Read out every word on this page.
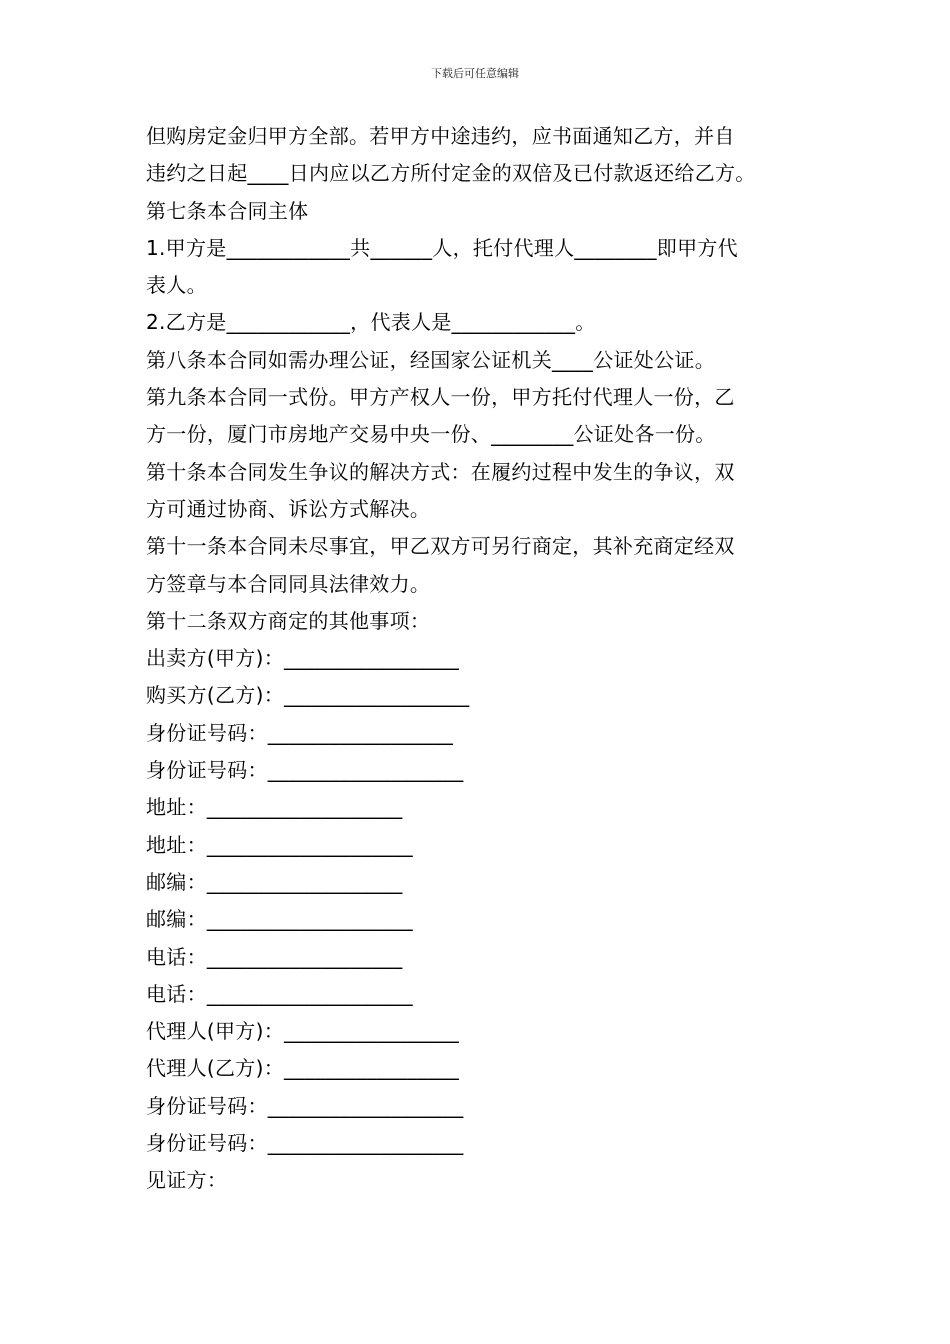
下载后可任意编辑

但购房定金归甲方全部。若甲方中途违约，应书面通知乙方，并自

违约之日起____日内应以乙方所付定金的双倍及已付款返还给乙方。

第七条本合同主体

1.甲方是____________共______人，托付代理人________即甲方代

表人。

2.乙方是____________，代表人是____________。

第八条本合同如需办理公证，经国家公证机关____公证处公证。

第九条本合同一式份。甲方产权人一份，甲方托付代理人一份，乙

方一份，厦门市房地产交易中央一份、________公证处各一份。

第十条本合同发生争议的解决方式：在履约过程中发生的争议，双

方可通过协商、诉讼方式解决。

第十一条本合同未尽事宜，甲乙双方可另行商定，其补充商定经双

方签章与本合同同具法律效力。

第十二条双方商定的其他事项：

出卖方(甲方)：_________________
购买方(乙方)：__________________
身份证号码：__________________
身份证号码：___________________
地址：___________________
地址：____________________
邮编：___________________
邮编：____________________
电话：___________________
电话：____________________
代理人(甲方)：_________________
代理人(乙方)：_________________
身份证号码：___________________
身份证号码：___________________
见证方：
